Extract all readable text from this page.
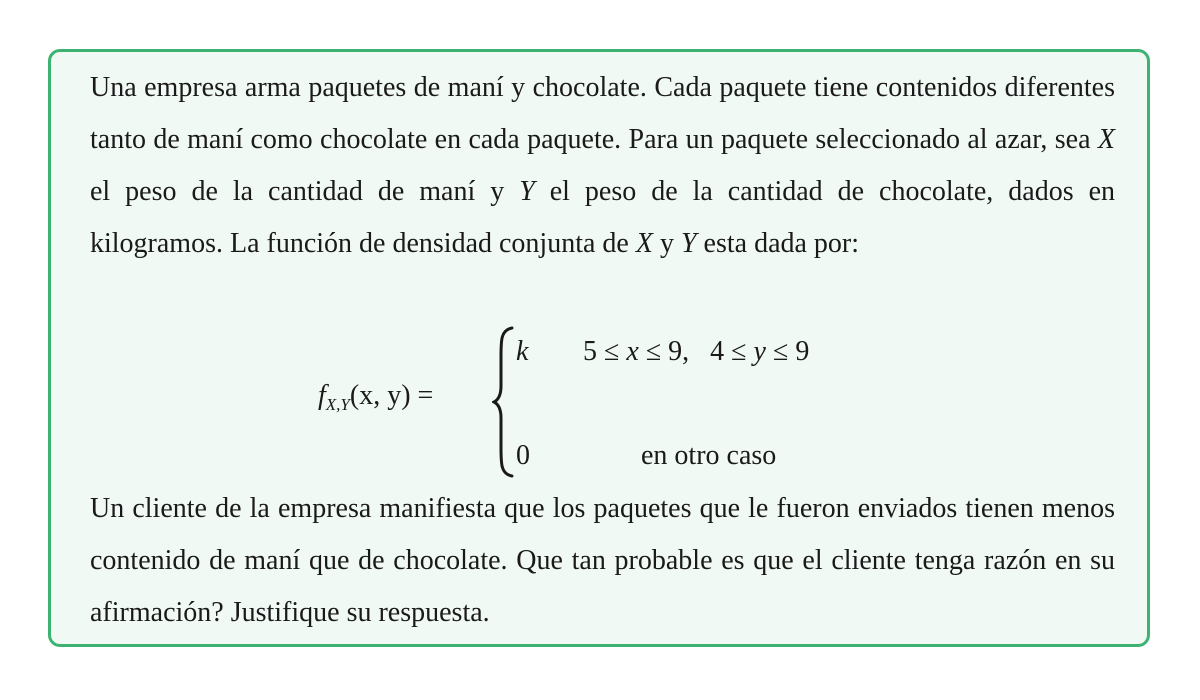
Una empresa arma paquetes de maní y chocolate. Cada paquete tiene contenidos diferentes tanto de maní como chocolate en cada paquete. Para un paquete seleccionado al azar, sea X el peso de la cantidad de maní y Y el peso de la cantidad de chocolate, dados en kilogramos. La función de densidad conjunta de X y Y esta dada por:
$f_{X,Y}(x$, y) =
k 5 ≤ x ≤ 9,   4 ≤ y ≤ 9
0	en otro caso
Un cliente de la empresa manifiesta que los paquetes que le fueron enviados tienen menos contenido de maní que de chocolate. Que tan probable es que el cliente tenga razón en su afirmación? Justifique su respuesta.
